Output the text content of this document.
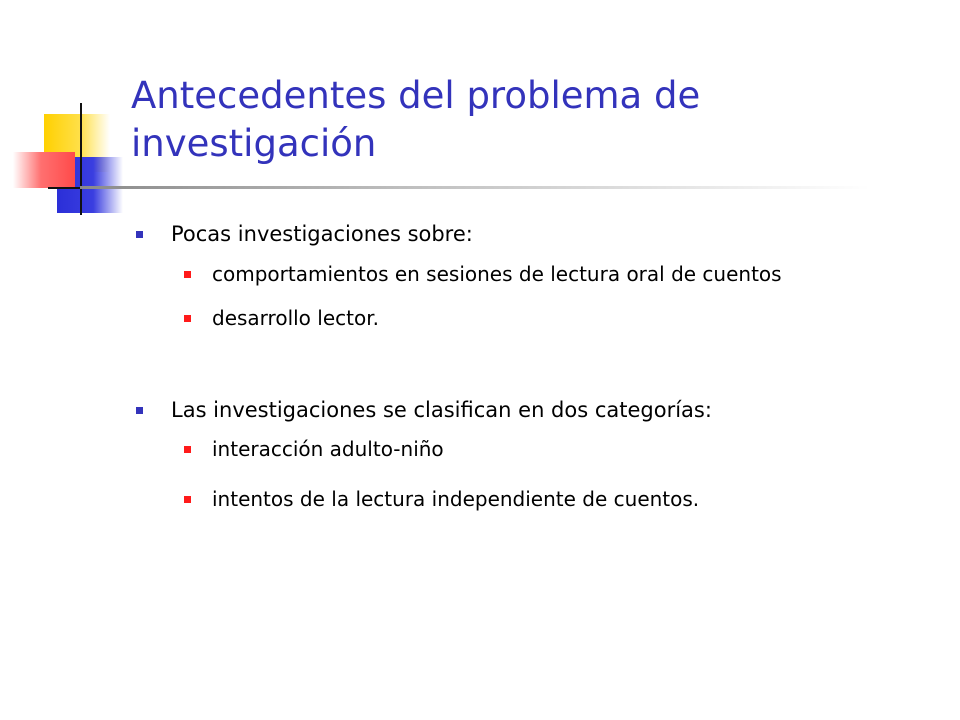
Antecedentes del problema de investigación
Pocas investigaciones sobre:
comportamientos en sesiones de lectura oral de cuentos
desarrollo lector.
Las investigaciones se clasifican en dos categorías:
interacción adulto-niño
intentos de la lectura independiente de cuentos.
